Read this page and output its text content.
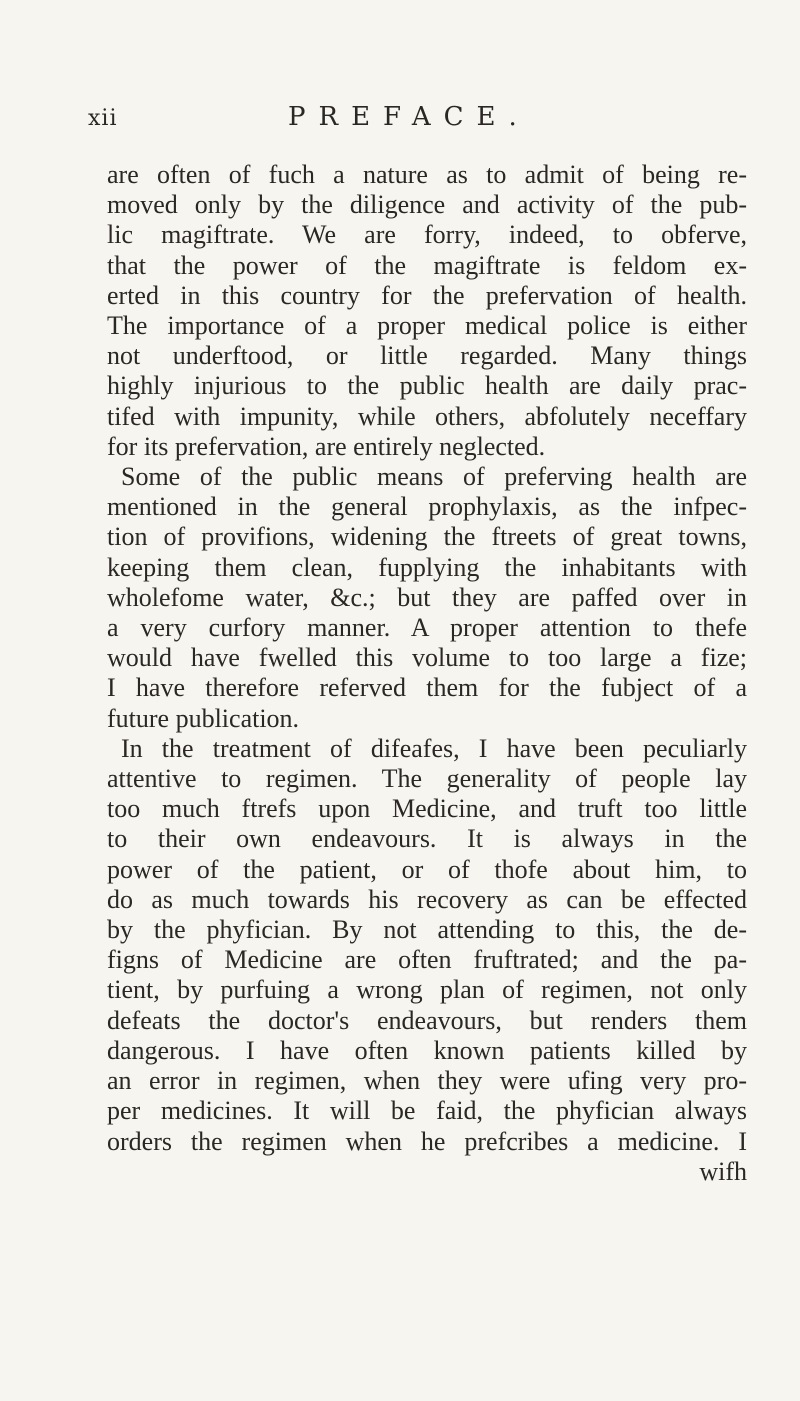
xii	PREFACE.
are often of fuch a nature as to admit of being re-
moved only by the diligence and activity of the pub-
lic magiftrate. We are forry, indeed, to obferve,
that the power of the magiftrate is feldom ex-
erted in this country for the prefervation of health.
The importance of a proper medical police is either
not underftood, or little regarded. Many things
highly injurious to the public health are daily prac-
tifed with impunity, while others, abfolutely neceffary
for its prefervation, are entirely neglected.
Some of the public means of preferving health are
mentioned in the general prophylaxis, as the infpec-
tion of provifions, widening the ftreets of great towns,
keeping them clean, fupplying the inhabitants with
wholefome water, &c.; but they are paffed over in
a very curfory manner. A proper attention to thefe
would have fwelled this volume to too large a fize;
I have therefore referved them for the fubject of a
future publication.
In the treatment of difeafes, I have been peculiarly
attentive to regimen. The generality of people lay
too much ftrefs upon Medicine, and truft too little
to their own endeavours. It is always in the
power of the patient, or of thofe about him, to
do as much towards his recovery as can be effected
by the phyfician. By not attending to this, the de-
figns of Medicine are often fruftrated; and the pa-
tient, by purfuing a wrong plan of regimen, not only
defeats the doctor's endeavours, but renders them
dangerous. I have often known patients killed by
an error in regimen, when they were ufing very pro-
per medicines. It will be faid, the phyfician always
orders the regimen when he prefcribes a medicine. I
wifh
